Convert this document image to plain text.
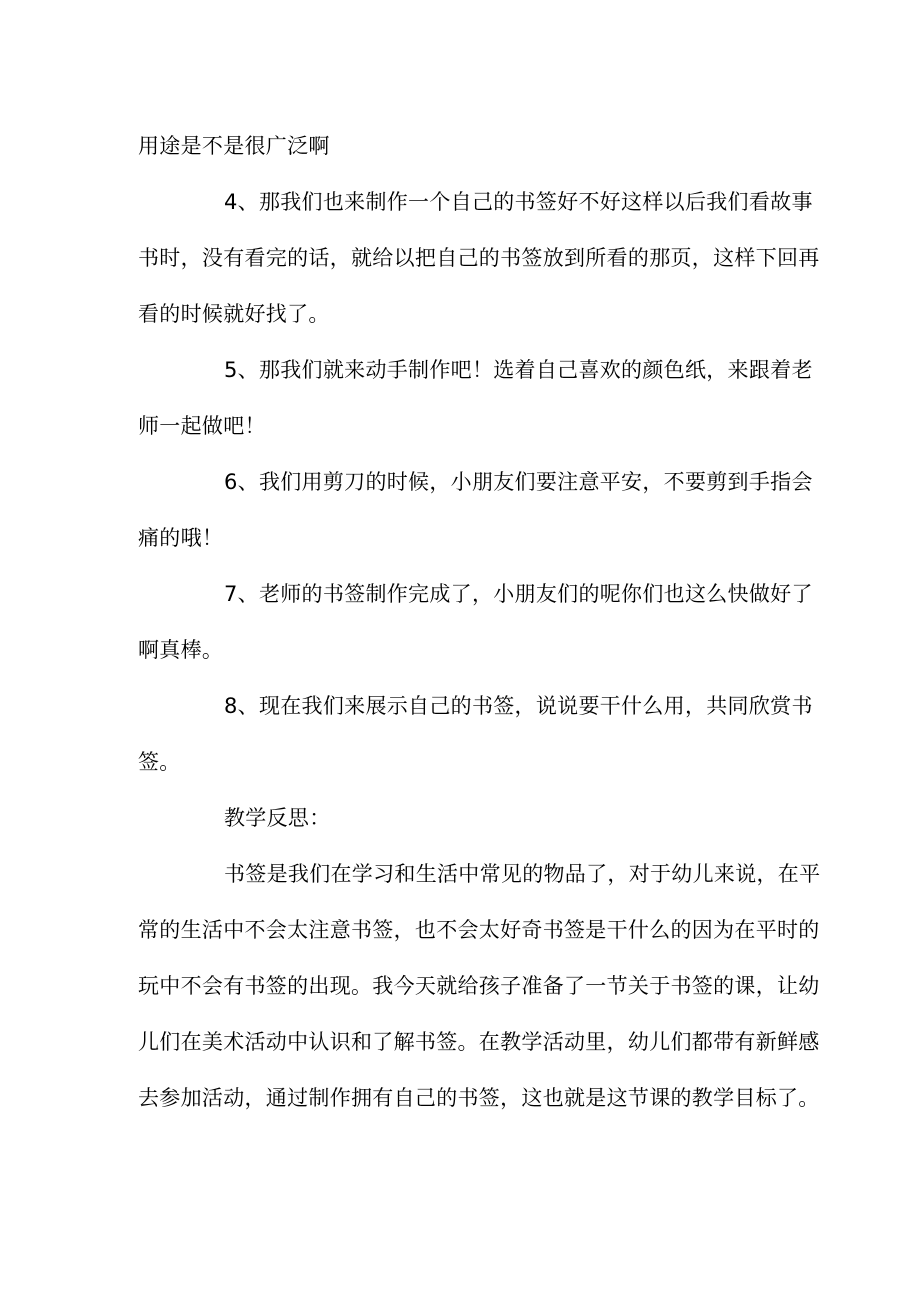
用途是不是很广泛啊
4、那我们也来制作一个自己的书签好不好这样以后我们看故事
书时，没有看完的话，就给以把自己的书签放到所看的那页，这样下回再
看的时候就好找了。
5、那我们就来动手制作吧！选着自己喜欢的颜色纸，来跟着老
师一起做吧！
6、我们用剪刀的时候，小朋友们要注意平安，不要剪到手指会
痛的哦！
7、老师的书签制作完成了，小朋友们的呢你们也这么快做好了
啊真棒。
8、现在我们来展示自己的书签，说说要干什么用，共同欣赏书
签。
教学反思：
书签是我们在学习和生活中常见的物品了，对于幼儿来说，在平
常的生活中不会太注意书签，也不会太好奇书签是干什么的因为在平时的
玩中不会有书签的出现。我今天就给孩子准备了一节关于书签的课，让幼
儿们在美术活动中认识和了解书签。在教学活动里，幼儿们都带有新鲜感
去参加活动，通过制作拥有自己的书签，这也就是这节课的教学目标了。
